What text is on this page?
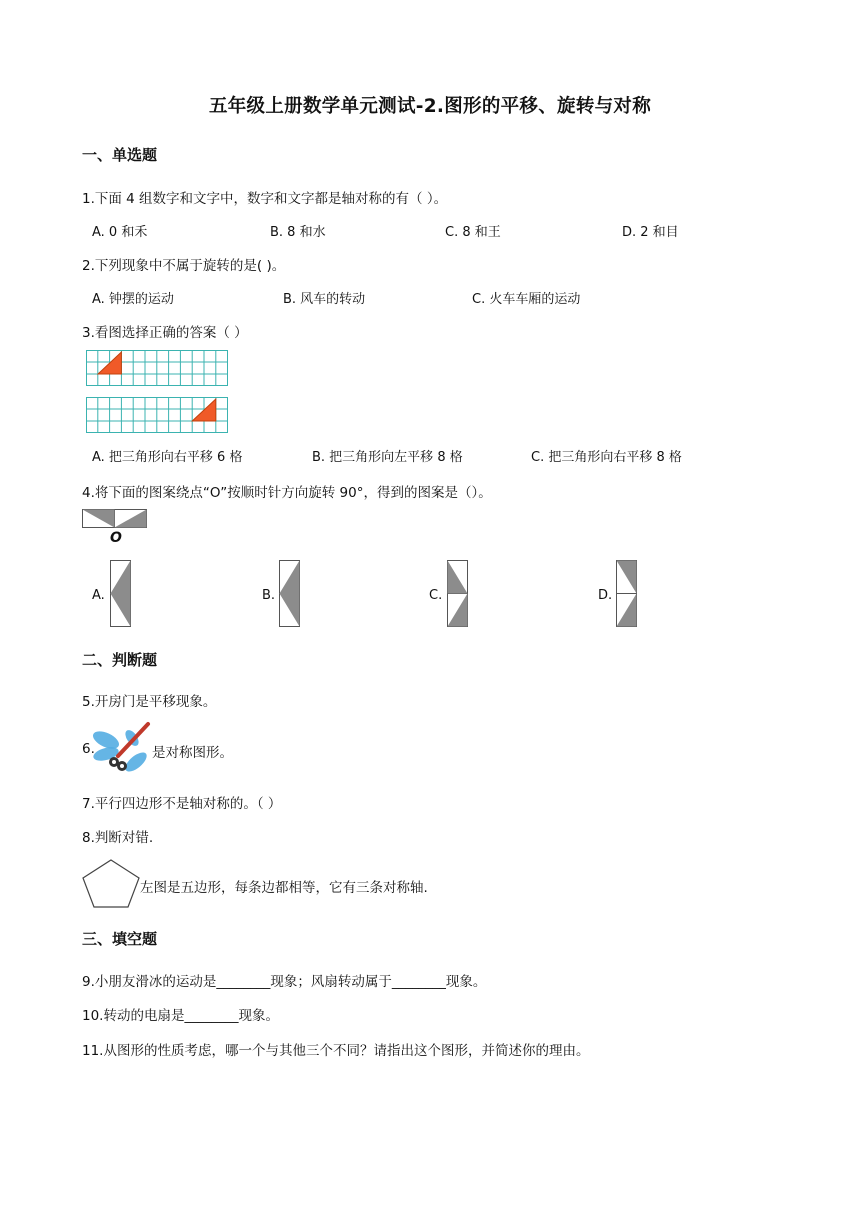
五年级上册数学单元测试-2.图形的平移、旋转与对称
一、单选题
1.下面 4 组数字和文字中，数字和文字都是轴对称的有（ ）。
A. 0 和禾	B. 8 和水	C. 8 和王	D. 2 和目
2.下列现象中不属于旋转的是( )。
A. 钟摆的运动	B. 风车的转动	C. 火车车厢的运动
3.看图选择正确的答案（ ）
A. 把三角形向右平移 6 格	B. 把三角形向左平移 8 格	C. 把三角形向右平移 8 格
4.将下面的图案绕点“O”按顺时针方向旋转 90°，得到的图案是（）。
O
A.	B.	C.	D.
二、判断题
5.开房门是平移现象。
6.	是对称图形。
7.平行四边形不是轴对称的。（ ）
8.判断对错.
左图是五边形，每条边都相等，它有三条对称轴.
三、填空题
9.小朋友滑冰的运动是________现象；风扇转动属于________现象。
10.转动的电扇是________现象。
11.从图形的性质考虑，哪一个与其他三个不同？请指出这个图形，并简述你的理由。
